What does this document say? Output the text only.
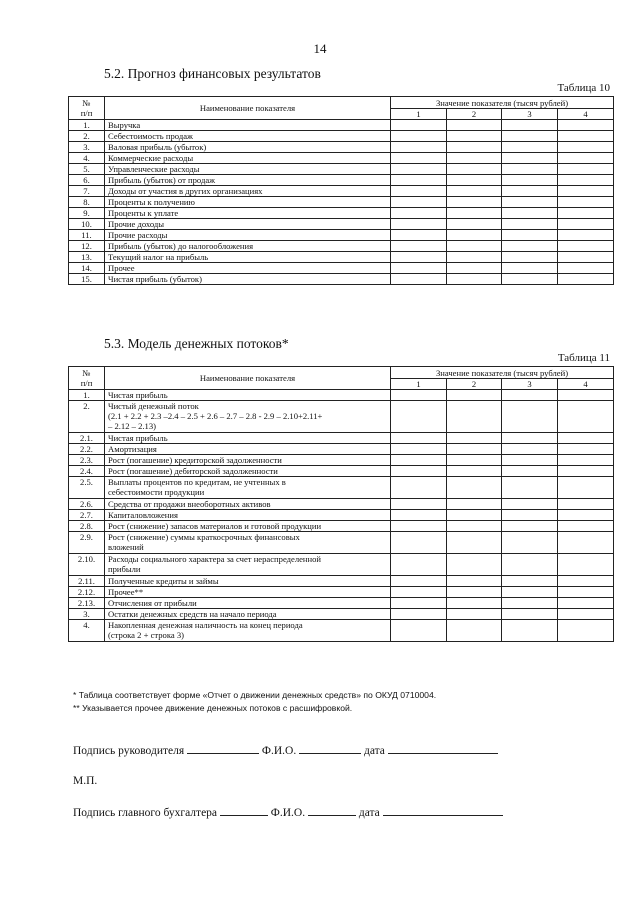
14
5.2. Прогноз финансовых результатов
Таблица 10
№
п/п	Наименование показателя	Значение показателя (тысяч рублей)			
		1	2	3	4
1.	Выручка				
2.	Себестоимость продаж				
3.	Валовая прибыль (убыток)				
4.	Коммерческие расходы				
5.	Управленческие расходы				
6.	Прибыль (убыток) от продаж				
7.	Доходы от участия в других организациях				
8.	Проценты к получению				
9.	Проценты к уплате				
10.	Прочие доходы				
11.	Прочие расходы				
12.	Прибыль (убыток) до налогообложения				
13.	Текущий налог на прибыль				
14.	Прочее				
15.	Чистая прибыль (убыток)				
5.3. Модель денежных потоков*
Таблица 11
№
п/п	Наименование показателя	Значение показателя (тысяч рублей)			
		1	2	3	4
1.	Чистая прибыль				
2.	Чистый денежный поток
(2.1 + 2.2 + 2.3 –2.4 – 2.5 + 2.6 – 2.7 – 2.8 - 2.9 – 2.10+2.11+
– 2.12 – 2.13)				
2.1.	Чистая прибыль				
2.2.	Амортизация				
2.3.	Рост (погашение) кредиторской задолженности				
2.4.	Рост (погашение) дебиторской задолженности				
2.5.	Выплаты процентов по кредитам, не учтенных в
себестоимости продукции				
2.6.	Средства от продажи внеоборотных активов				
2.7.	Капиталовложения				
2.8.	Рост (снижение) запасов материалов и готовой продукции				
2.9.	Рост (снижение) суммы краткосрочных финансовых
вложений				
2.10.	Расходы социального характера за счет нераспределенной
прибыли				
2.11.	Полученные кредиты и займы				
2.12.	Прочее**				
2.13.	Отчисления от прибыли				
3.	Остатки денежных средств на начало периода				
4.	Накопленная денежная наличность на конец периода
(строка 2 + строка 3)				
* Таблица соответствует форме «Отчет о движении денежных средств» по ОКУД 0710004.
** Указывается прочее движение денежных потоков с расшифровкой.
Подпись руководителя	Ф.И.О.	дата
М.П.
Подпись главного бухгалтера	Ф.И.О.	дата
